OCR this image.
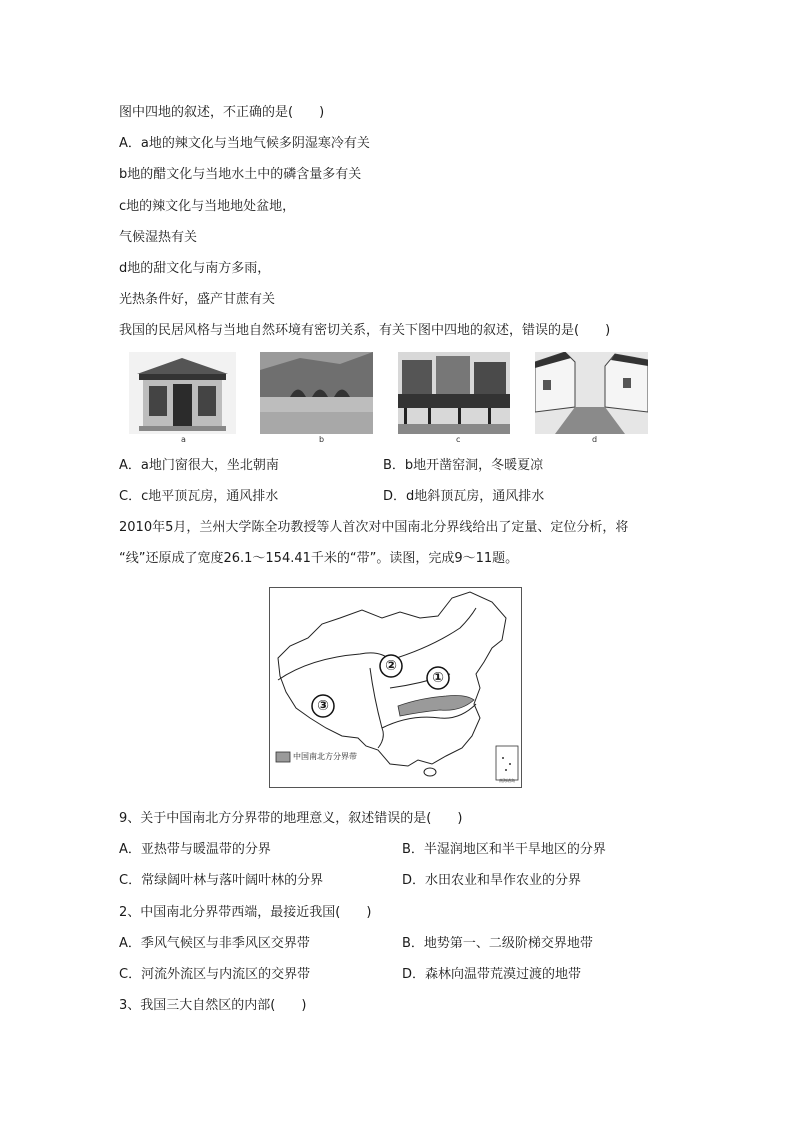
图中四地的叙述，不正确的是(　　)
A．a地的辣文化与当地气候多阴湿寒冷有关
b地的醋文化与当地水土中的磷含量多有关
c地的辣文化与当地地处盆地，
气候湿热有关
d地的甜文化与南方多雨，
光热条件好，盛产甘蔗有关
我国的民居风格与当地自然环境有密切关系，有关下图中四地的叙述，错误的是(　　)
a	b	c	d
A．a地门窗很大，坐北朝南	B．b地开凿窑洞，冬暖夏凉
C．c地平顶瓦房，通风排水	D．d地斜顶瓦房，通风排水
2010年5月，兰州大学陈全功教授等人首次对中国南北分界线给出了定量、定位分析，将
“线”还原成了宽度26.1～154.41千米的“带”。读图，完成9～11题。
①
②
③
中国南北方分界带
南海诸岛
9、关于中国南北方分界带的地理意义，叙述错误的是(　　)
A．亚热带与暖温带的分界	B．半湿润地区和半干旱地区的分界
C．常绿阔叶林与落叶阔叶林的分界	D．水田农业和旱作农业的分界
2、中国南北分界带西端，最接近我国(　　)
A．季风气候区与非季风区交界带	B．地势第一、二级阶梯交界地带
C．河流外流区与内流区的交界带	D．森林向温带荒漠过渡的地带
3、我国三大自然区的内部(　　)
